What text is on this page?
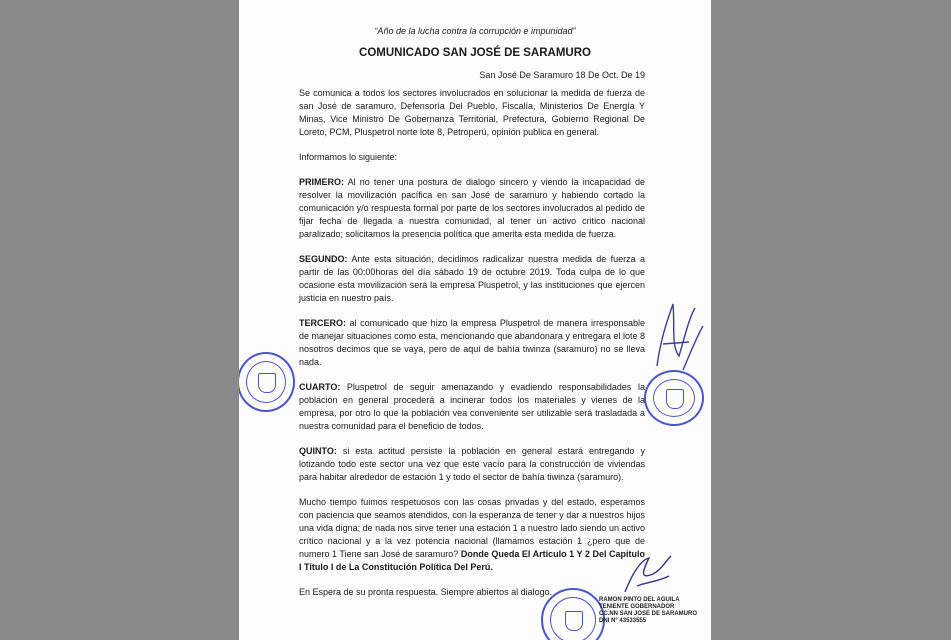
“Año de la lucha contra la corrupción e impunidad”
COMUNICADO SAN JOSÉ DE SARAMURO
San José De Saramuro 18 De Oct. De 19

Se comunica a todos los sectores involucrados en solucionar la medida de fuerza de san José de saramuro, Defensoría Del Pueblo, Fiscalía, Ministerios De Energía Y Minas, Vice Ministro De Gobernanza Territorial, Prefectura, Gobierno Regional De Loreto, PCM, Pluspetrol norte lote 8, Petroperú, opinión publica en general.

Informamos lo siguiente:

PRIMERO: Al no tener una postura de dialogo sincero y viendo la incapacidad de resolver la movilización pacífica en san José de saramuro y habiendo cortado la comunicación y/o respuesta formal por parte de los sectores involucrados al pedido de fijar fecha de llegada a nuestra comunidad, al tener un activo critico nacional paralizado; solicitamos la presencia política que amerita esta medida de fuerza.

SEGUNDO: Ante esta situación, decidimos radicalizar nuestra medida de fuerza a partir de las 00:00horas del día sábado 19 de octubre 2019. Toda culpa de lo que ocasione esta movilización será la empresa Pluspetrol, y las instituciones que ejercen justicia en nuestro país.

TERCERO: al comunicado que hizo la empresa Pluspetrol de manera irresponsable de manejar situaciones como esta, mencionando que abandonara y entregara el lote 8 nosotros decimos que se vaya, pero de aquí de bahía tiwinza (saramuro) no se lleva nada.

CUARTO: Pluspetrol de seguir amenazando y evadiendo responsabilidades la población en general procederá a incinerar todos los materiales y vienes de la empresa, por otro lo que la población vea conveniente ser utilizable será trasladada a nuestra comunidad para el beneficio de todos.

QUINTO: si esta actitud persiste la población en general estará entregando y lotizando todo este sector una vez que este vacío para la construcción de viviendas para habitar alrededor de estación 1 y todo el sector de bahía tiwinza (saramuro).

Mucho tiempo fuimos respetuosos con las cosas privadas y del estado, esperamos con paciencia que seamos atendidos, con la esperanza de tener y dar a nuestros hijos una vida digna; de nada nos sirve tener una estación 1 a nuestro lado siendo un activo crítico nacional y a la vez potencia nacional (llamamos estación 1 ¿pero que de numero 1 Tiene san José de saramuro? Donde Queda El Articulo 1 Y 2 Del Capitulo I Titulo I de La Constitución Política Del Perú.

En Espera de su pronta respuesta. Siempre abiertos al dialogo.

RAMON PINTO DEL AGUILA
TENIENTE GOBERNADOR
CC.NN SAN JOSE DE SARAMURO
DNI N° 43533555
